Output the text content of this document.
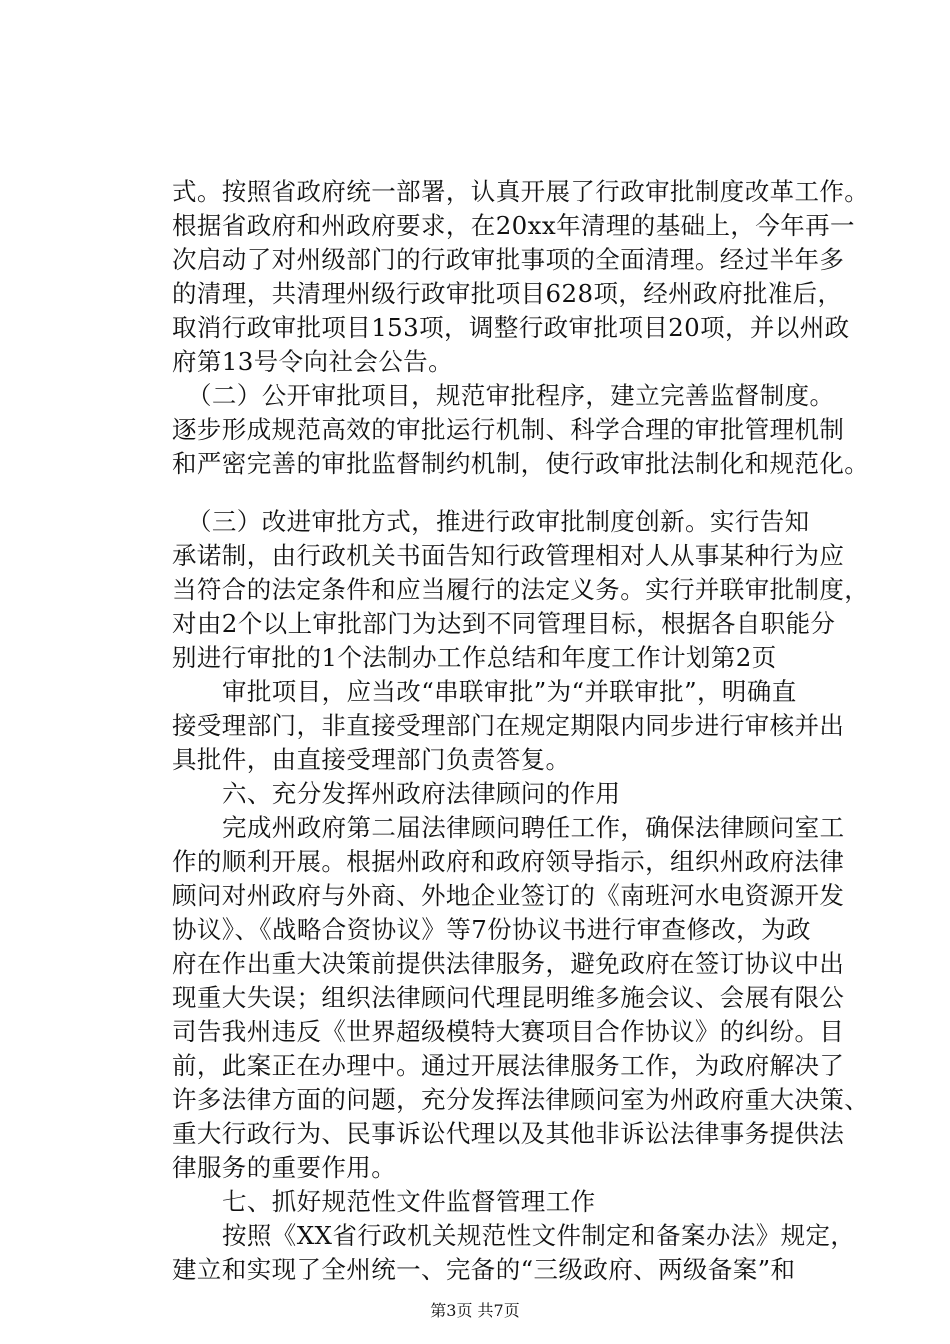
式。按照省政府统一部署，认真开展了行政审批制度改革工作。
根据省政府和州政府要求，在20xx年清理的基础上，今年再一
次启动了对州级部门的行政审批事项的全面清理。经过半年多
的清理，共清理州级行政审批项目628项，经州政府批准后，
取消行政审批项目153项，调整行政审批项目20项，并以州政
府第13号令向社会公告。
（二）公开审批项目，规范审批程序，建立完善监督制度。
逐步形成规范高效的审批运行机制、科学合理的审批管理机制
和严密完善的审批监督制约机制，使行政审批法制化和规范化。
（三）改进审批方式，推进行政审批制度创新。实行告知
承诺制，由行政机关书面告知行政管理相对人从事某种行为应
当符合的法定条件和应当履行的法定义务。实行并联审批制度，
对由2个以上审批部门为达到不同管理目标，根据各自职能分
别进行审批的1个法制办工作总结和年度工作计划第2页
审批项目，应当改“串联审批”为“并联审批”，明确直
接受理部门，非直接受理部门在规定期限内同步进行审核并出
具批件，由直接受理部门负责答复。
六、充分发挥州政府法律顾问的作用
完成州政府第二届法律顾问聘任工作，确保法律顾问室工
作的顺利开展。根据州政府和政府领导指示，组织州政府法律
顾问对州政府与外商、外地企业签订的《南班河水电资源开发
协议》、《战略合资协议》等7份协议书进行审查修改，为政
府在作出重大决策前提供法律服务，避免政府在签订协议中出
现重大失误；组织法律顾问代理昆明维多施会议、会展有限公
司告我州违反《世界超级模特大赛项目合作协议》的纠纷。目
前，此案正在办理中。通过开展法律服务工作，为政府解决了
许多法律方面的问题，充分发挥法律顾问室为州政府重大决策、
重大行政行为、民事诉讼代理以及其他非诉讼法律事务提供法
律服务的重要作用。
七、抓好规范性文件监督管理工作
按照《XX省行政机关规范性文件制定和备案办法》规定，
建立和实现了全州统一、完备的“三级政府、两级备案”和
第3页 共7页
